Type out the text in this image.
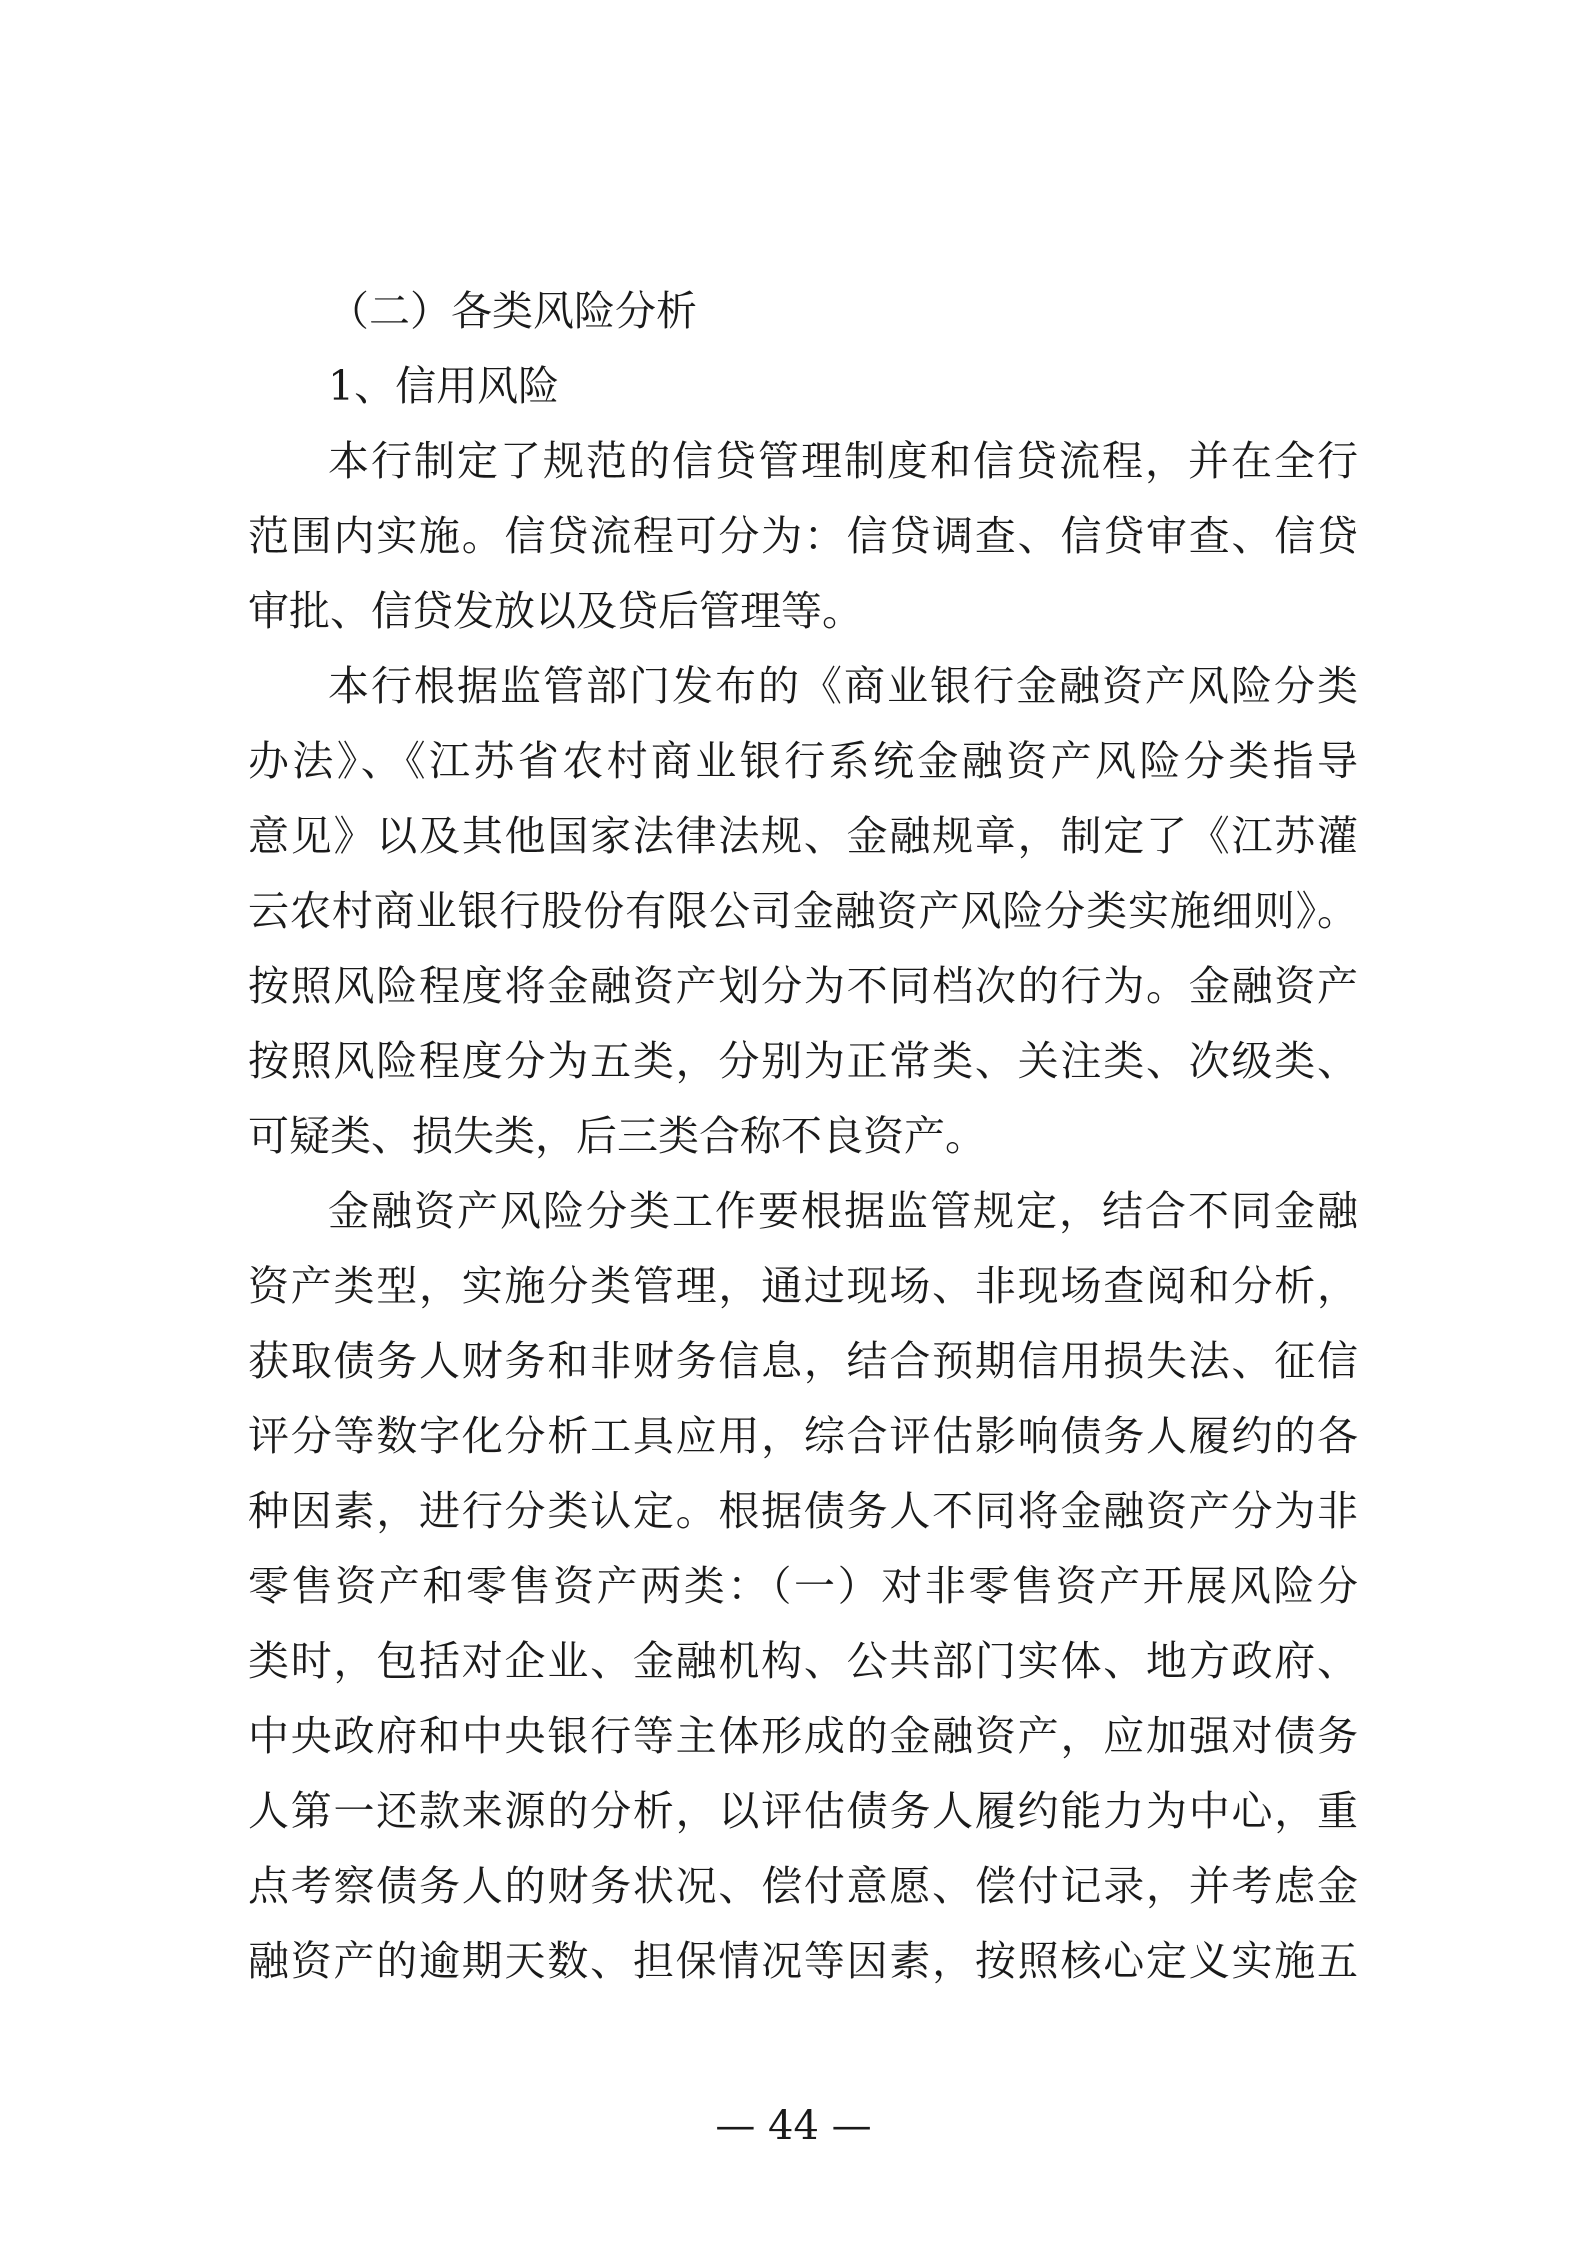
（二）各类风险分析
1、信用风险
本行制定了规范的信贷管理制度和信贷流程，并在全行
范围内实施。信贷流程可分为：信贷调查、信贷审查、信贷
审批、信贷发放以及贷后管理等。
本行根据监管部门发布的《商业银行金融资产风险分类
办法》、《江苏省农村商业银行系统金融资产风险分类指导
意见》以及其他国家法律法规、金融规章，制定了《江苏灌
云农村商业银行股份有限公司金融资产风险分类实施细则》。
按照风险程度将金融资产划分为不同档次的行为。金融资产
按照风险程度分为五类，分别为正常类、关注类、次级类、
可疑类、损失类，后三类合称不良资产。
金融资产风险分类工作要根据监管规定，结合不同金融
资产类型，实施分类管理，通过现场、非现场查阅和分析，
获取债务人财务和非财务信息，结合预期信用损失法、征信
评分等数字化分析工具应用，综合评估影响债务人履约的各
种因素，进行分类认定。根据债务人不同将金融资产分为非
零售资产和零售资产两类：（一）对非零售资产开展风险分
类时，包括对企业、金融机构、公共部门实体、地方政府、
中央政府和中央银行等主体形成的金融资产，应加强对债务
人第一还款来源的分析，以评估债务人履约能力为中心，重
点考察债务人的财务状况、偿付意愿、偿付记录，并考虑金
融资产的逾期天数、担保情况等因素，按照核心定义实施五
— 44 —
